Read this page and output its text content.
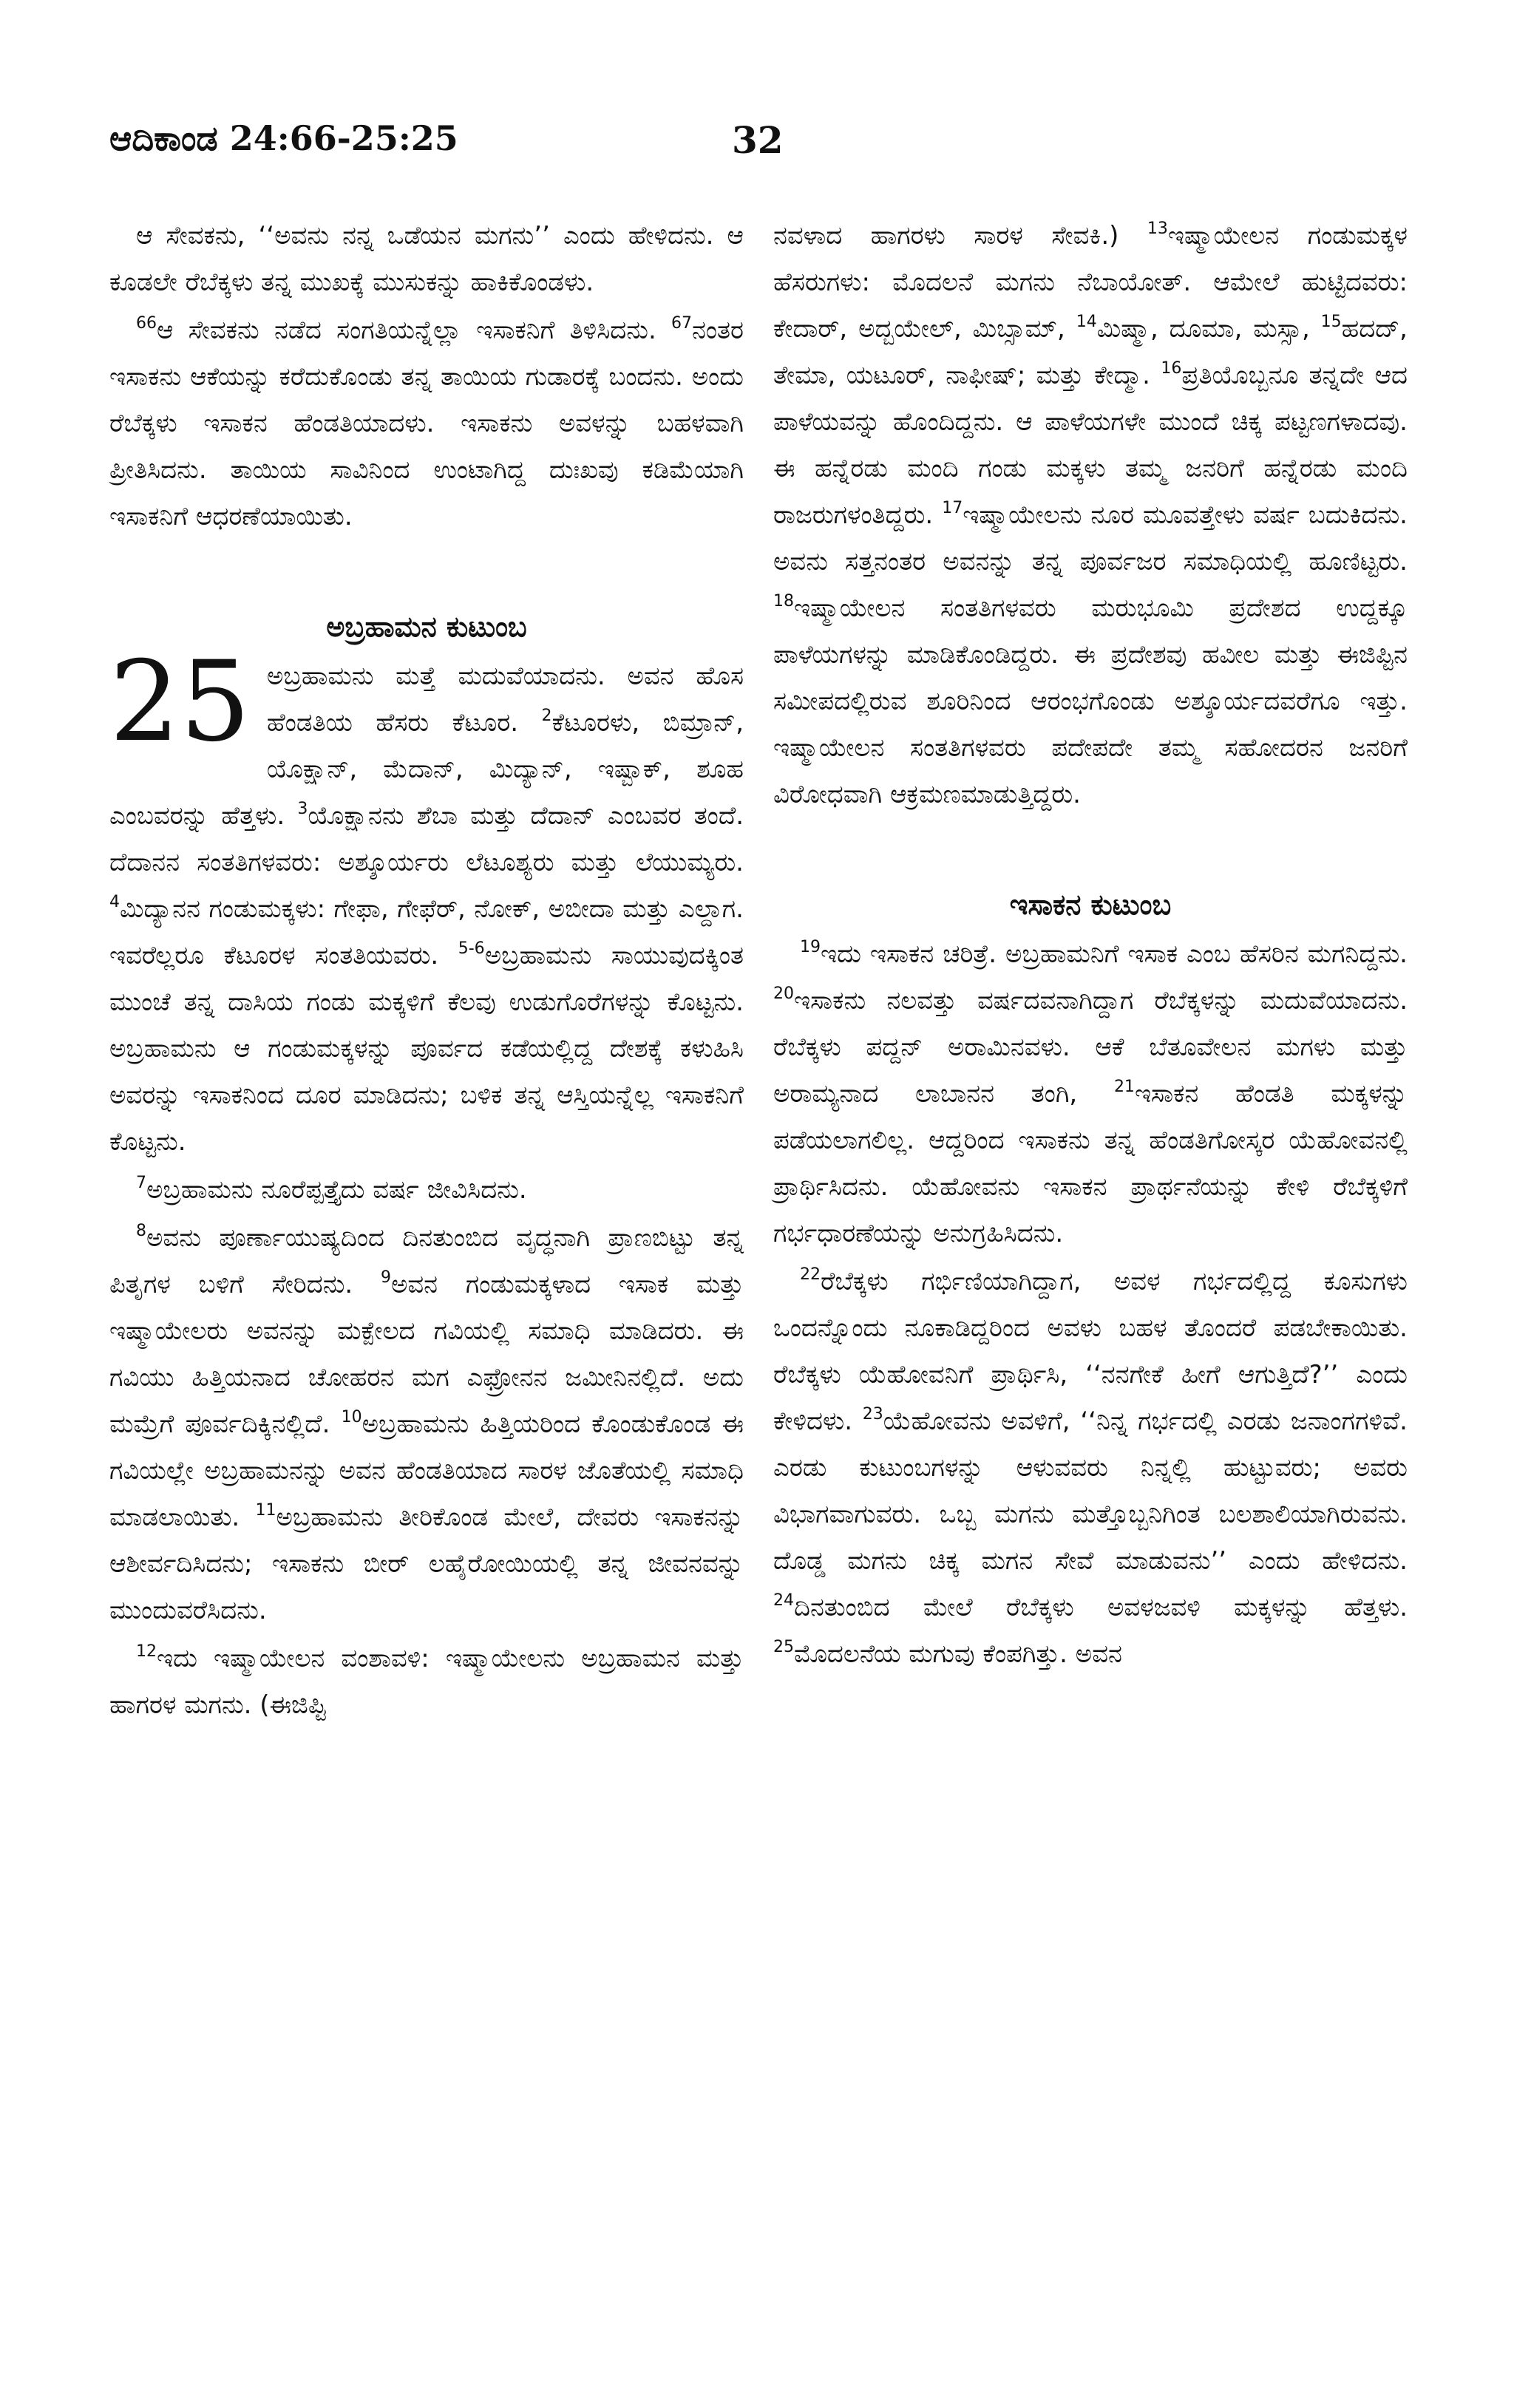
ಆದಿಕಾಂಡ 24:66-25:25	32

ಆ ಸೇವಕನು, ‘‘ಅವನು ನನ್ನ ಒಡೆಯನ ಮಗನು’’ ಎಂದು ಹೇಳಿದನು. ಆ ಕೂಡಲೇ ರೆಬೆಕ್ಕಳು ತನ್ನ ಮುಖಕ್ಕೆ ಮುಸುಕನ್ನು ಹಾಕಿಕೊಂಡಳು.

$^{66}$ಆ ಸೇವಕನು ನಡೆದ ಸಂಗತಿಯನ್ನೆಲ್ಲಾ ಇಸಾಕನಿಗೆ ತಿಳಿಸಿದನು. $^{67}$ನಂತರ ಇಸಾಕನು ಆಕೆಯನ್ನು ಕರೆದುಕೊಂಡು ತನ್ನ ತಾಯಿಯ ಗುಡಾರಕ್ಕೆ ಬಂದನು. ಅಂದು ರೆಬೆಕ್ಕಳು ಇಸಾಕನ ಹೆಂಡತಿಯಾದಳು. ಇಸಾಕನು ಅವಳನ್ನು ಬಹಳವಾಗಿ ಪ್ರೀತಿಸಿದನು. ತಾಯಿಯ ಸಾವಿನಿಂದ ಉಂಟಾಗಿದ್ದ ದುಃಖವು ಕಡಿಮೆಯಾಗಿ ಇಸಾಕನಿಗೆ ಆಧರಣೆಯಾಯಿತು.

ಅಬ್ರಹಾಮನ ಕುಟುಂಬ

25 ಅಬ್ರಹಾಮನು ಮತ್ತೆ ಮದುವೆಯಾದನು. ಅವನ ಹೊಸ ಹೆಂಡತಿಯ ಹೆಸರು ಕೆಟೂರ. $^2$ಕೆಟೂರಳು, ಬಿಮ್ರಾನ್, ಯೊಕ್ಷಾನ್, ಮೆದಾನ್, ಮಿದ್ಯಾನ್, ಇಷ್ಬಾಕ್, ಶೂಹ ಎಂಬವರನ್ನು ಹೆತ್ತಳು. $^3$ಯೊಕ್ಷಾನನು ಶೆಬಾ ಮತ್ತು ದೆದಾನ್ ಎಂಬವರ ತಂದೆ. ದೆದಾನನ ಸಂತತಿಗಳವರು: ಅಶ್ಶೂರ್ಯರು ಲೆಟೂಶ್ಯರು ಮತ್ತು ಲೆಯುಮ್ಯರು. $^4$ಮಿದ್ಯಾನನ ಗಂಡುಮಕ್ಕಳು: ಗೇಫಾ, ಗೇಫೆರ್, ನೋಕ್, ಅಬೀದಾ ಮತ್ತು ಎಲ್ದಾಗ. ಇವರೆಲ್ಲರೂ ಕೆಟೂರಳ ಸಂತತಿಯವರು. $^{5-6}$ಅಬ್ರಹಾಮನು ಸಾಯುವುದಕ್ಕಿಂತ ಮುಂಚೆ ತನ್ನ ದಾಸಿಯ ಗಂಡು ಮಕ್ಕಳಿಗೆ ಕೆಲವು ಉಡುಗೊರೆಗಳನ್ನು ಕೊಟ್ಟನು. ಅಬ್ರಹಾಮನು ಆ ಗಂಡುಮಕ್ಕಳನ್ನು ಪೂರ್ವದ ಕಡೆಯಲ್ಲಿದ್ದ ದೇಶಕ್ಕೆ ಕಳುಹಿಸಿ ಅವರನ್ನು ಇಸಾಕನಿಂದ ದೂರ ಮಾಡಿದನು; ಬಳಿಕ ತನ್ನ ಆಸ್ತಿಯನ್ನೆಲ್ಲ ಇಸಾಕನಿಗೆ ಕೊಟ್ಟನು.

$^7$ಅಬ್ರಹಾಮನು ನೂರೆಪ್ಪತ್ತೈದು ವರ್ಷ ಜೀವಿಸಿದನು.

$^8$ಅವನು ಪೂರ್ಣಾಯುಷ್ಯದಿಂದ ದಿನತುಂಬಿದ ವೃದ್ಧನಾಗಿ ಪ್ರಾಣಬಿಟ್ಟು ತನ್ನ ಪಿತೃಗಳ ಬಳಿಗೆ ಸೇರಿದನು. $^9$ಅವನ ಗಂಡುಮಕ್ಕಳಾದ ಇಸಾಕ ಮತ್ತು ಇಷ್ಮಾಯೇಲರು ಅವನನ್ನು ಮಕ್ಪೇಲದ ಗವಿಯಲ್ಲಿ ಸಮಾಧಿ ಮಾಡಿದರು. ಈ ಗವಿಯು ಹಿತ್ತಿಯನಾದ ಚೋಹರನ ಮಗ ಎಫ್ರೋನನ ಜಮೀನಿನಲ್ಲಿದೆ. ಅದು ಮಮ್ರೆಗೆ ಪೂರ್ವದಿಕ್ಕಿನಲ್ಲಿದೆ. $^{10}$ಅಬ್ರಹಾಮನು ಹಿತ್ತಿಯರಿಂದ ಕೊಂಡುಕೊಂಡ ಈ ಗವಿಯಲ್ಲೇ ಅಬ್ರಹಾಮನನ್ನು ಅವನ ಹೆಂಡತಿಯಾದ ಸಾರಳ ಜೊತೆಯಲ್ಲಿ ಸಮಾಧಿ ಮಾಡಲಾಯಿತು. $^{11}$ಅಬ್ರಹಾಮನು ತೀರಿಕೊಂಡ ಮೇಲೆ, ದೇವರು ಇಸಾಕನನ್ನು ಆಶೀರ್ವದಿಸಿದನು; ಇಸಾಕನು ಬೀರ್ ಲಹೈರೋಯಿಯಲ್ಲಿ ತನ್ನ ಜೀವನವನ್ನು ಮುಂದುವರೆಸಿದನು.

$^{12}$ಇದು ಇಷ್ಮಾಯೇಲನ ವಂಶಾವಳಿ: ಇಷ್ಮಾಯೇಲನು ಅಬ್ರಹಾಮನ ಮತ್ತು ಹಾಗರಳ ಮಗನು. (ಈಜಿಪ್ಟಿ

ನವಳಾದ ಹಾಗರಳು ಸಾರಳ ಸೇವಕಿ.) $^{13}$ಇಷ್ಮಾಯೇಲನ ಗಂಡುಮಕ್ಕಳ ಹೆಸರುಗಳು: ಮೊದಲನೆ ಮಗನು ನೆಬಾಯೋತ್. ಆಮೇಲೆ ಹುಟ್ಟಿದವರು: ಕೇದಾರ್, ಅದ್ಬಯೇಲ್, ಮಿಬ್ಸಾಮ್, $^{14}$ಮಿಷ್ಮಾ, ದೂಮಾ, ಮಸ್ಸಾ, $^{15}$ಹದದ್, ತೇಮಾ, ಯಟೂರ್, ನಾಫೀಷ್; ಮತ್ತು ಕೇದ್ಮಾ. $^{16}$ಪ್ರತಿಯೊಬ್ಬನೂ ತನ್ನದೇ ಆದ ಪಾಳೆಯವನ್ನು ಹೊಂದಿದ್ದನು. ಆ ಪಾಳೆಯಗಳೇ ಮುಂದೆ ಚಿಕ್ಕ ಪಟ್ಟಣಗಳಾದವು. ಈ ಹನ್ನೆರಡು ಮಂದಿ ಗಂಡು ಮಕ್ಕಳು ತಮ್ಮ ಜನರಿಗೆ ಹನ್ನೆರಡು ಮಂದಿ ರಾಜರುಗಳಂತಿದ್ದರು. $^{17}$ಇಷ್ಮಾಯೇಲನು ನೂರ ಮೂವತ್ತೇಳು ವರ್ಷ ಬದುಕಿದನು. ಅವನು ಸತ್ತನಂತರ ಅವನನ್ನು ತನ್ನ ಪೂರ್ವಜರ ಸಮಾಧಿಯಲ್ಲಿ ಹೂಣಿಟ್ಟರು. $^{18}$ಇಷ್ಮಾಯೇಲನ ಸಂತತಿಗಳವರು ಮರುಭೂಮಿ ಪ್ರದೇಶದ ಉದ್ದಕ್ಕೂ ಪಾಳೆಯಗಳನ್ನು ಮಾಡಿಕೊಂಡಿದ್ದರು. ಈ ಪ್ರದೇಶವು ಹವೀಲ ಮತ್ತು ಈಜಿಪ್ಟಿನ ಸಮೀಪದಲ್ಲಿರುವ ಶೂರಿನಿಂದ ಆರಂಭಗೊಂಡು ಅಶ್ಶೂರ್ಯದವರೆಗೂ ಇತ್ತು. ಇಷ್ಮಾಯೇಲನ ಸಂತತಿಗಳವರು ಪದೇಪದೇ ತಮ್ಮ ಸಹೋದರನ ಜನರಿಗೆ ವಿರೋಧವಾಗಿ ಆಕ್ರಮಣಮಾಡುತ್ತಿದ್ದರು.

ಇಸಾಕನ ಕುಟುಂಬ

$^{19}$ಇದು ಇಸಾಕನ ಚರಿತ್ರೆ. ಅಬ್ರಹಾಮನಿಗೆ ಇಸಾಕ ಎಂಬ ಹೆಸರಿನ ಮಗನಿದ್ದನು. $^{20}$ಇಸಾಕನು ನಲವತ್ತು ವರ್ಷದವನಾಗಿದ್ದಾಗ ರೆಬೆಕ್ಕಳನ್ನು ಮದುವೆಯಾದನು. ರೆಬೆಕ್ಕಳು ಪದ್ದನ್ ಅರಾಮಿನವಳು. ಆಕೆ ಬೆತೂವೇಲನ ಮಗಳು ಮತ್ತು ಅರಾಮ್ಯನಾದ ಲಾಬಾನನ ತಂಗಿ, $^{21}$ಇಸಾಕನ ಹೆಂಡತಿ ಮಕ್ಕಳನ್ನು ಪಡೆಯಲಾಗಲಿಲ್ಲ. ಆದ್ದರಿಂದ ಇಸಾಕನು ತನ್ನ ಹೆಂಡತಿಗೋಸ್ಕರ ಯೆಹೋವನಲ್ಲಿ ಪ್ರಾರ್ಥಿಸಿದನು. ಯೆಹೋವನು ಇಸಾಕನ ಪ್ರಾರ್ಥನೆಯನ್ನು ಕೇಳಿ ರೆಬೆಕ್ಕಳಿಗೆ ಗರ್ಭಧಾರಣೆಯನ್ನು ಅನುಗ್ರಹಿಸಿದನು.

$^{22}$ರೆಬೆಕ್ಕಳು ಗರ್ಭಿಣಿಯಾಗಿದ್ದಾಗ, ಅವಳ ಗರ್ಭದಲ್ಲಿದ್ದ ಕೂಸುಗಳು ಒಂದನ್ನೊಂದು ನೂಕಾಡಿದ್ದರಿಂದ ಅವಳು ಬಹಳ ತೊಂದರೆ ಪಡಬೇಕಾಯಿತು. ರೆಬೆಕ್ಕಳು ಯೆಹೋವನಿಗೆ ಪ್ರಾರ್ಥಿಸಿ, ‘‘ನನಗೇಕೆ ಹೀಗೆ ಆಗುತ್ತಿದೆ?’’ ಎಂದು ಕೇಳಿದಳು. $^{23}$ಯೆಹೋವನು ಅವಳಿಗೆ, ‘‘ನಿನ್ನ ಗರ್ಭದಲ್ಲಿ ಎರಡು ಜನಾಂಗಗಳಿವೆ. ಎರಡು ಕುಟುಂಬಗಳನ್ನು ಆಳುವವರು ನಿನ್ನಲ್ಲಿ ಹುಟ್ಟುವರು; ಅವರು ವಿಭಾಗವಾಗುವರು. ಒಬ್ಬ ಮಗನು ಮತ್ತೊಬ್ಬನಿಗಿಂತ ಬಲಶಾಲಿಯಾಗಿರುವನು. ದೊಡ್ಡ ಮಗನು ಚಿಕ್ಕ ಮಗನ ಸೇವೆ ಮಾಡುವನು’’ ಎಂದು ಹೇಳಿದನು. $^{24}$ದಿನತುಂಬಿದ ಮೇಲೆ ರೆಬೆಕ್ಕಳು ಅವಳಜವಳಿ ಮಕ್ಕಳನ್ನು ಹೆತ್ತಳು. $^{25}$ಮೊದಲನೆಯ ಮಗುವು ಕೆಂಪಗಿತ್ತು. ಅವನ
